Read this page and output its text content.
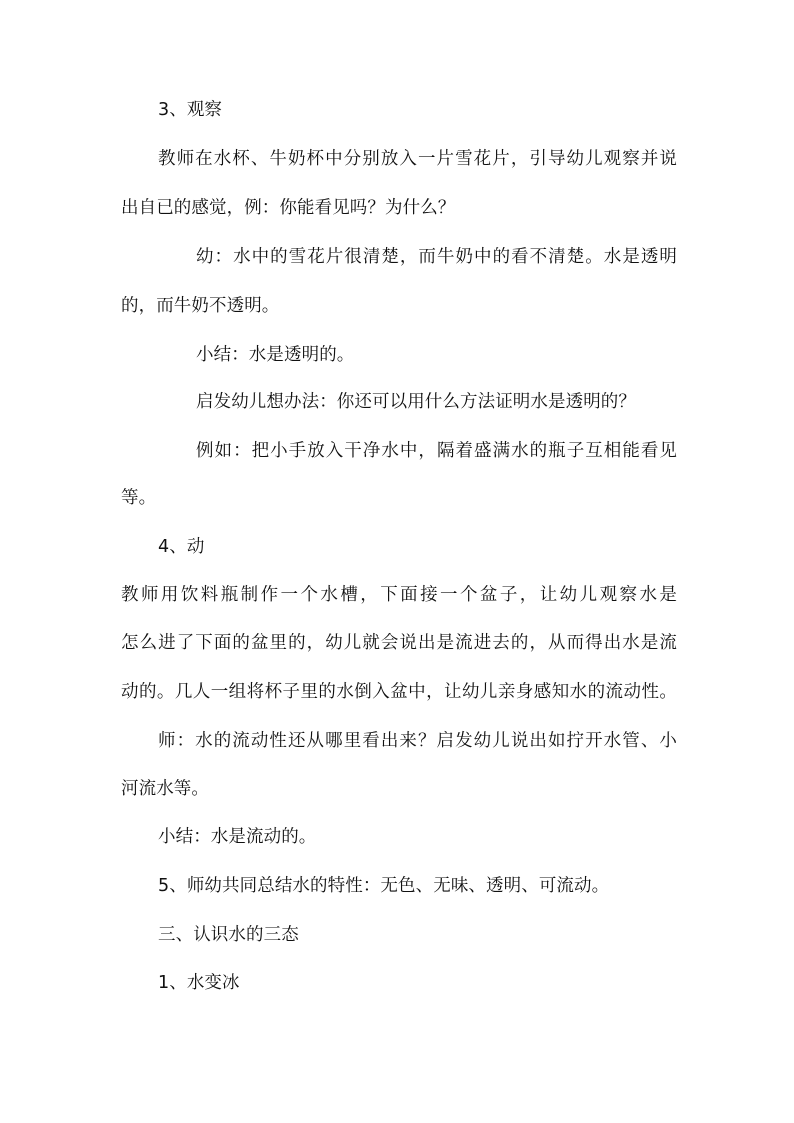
3、观察
教师在水杯、牛奶杯中分别放入一片雪花片，引导幼儿观察并说
出自已的感觉，例：你能看见吗？为什么？
幼：水中的雪花片很清楚，而牛奶中的看不清楚。水是透明
的，而牛奶不透明。
小结：水是透明的。
启发幼儿想办法：你还可以用什么方法证明水是透明的？
例如：把小手放入干净水中，隔着盛满水的瓶子互相能看见
等。
4、动
教师用饮料瓶制作一个水槽，下面接一个盆子，让幼儿观察水是
怎么进了下面的盆里的，幼儿就会说出是流进去的，从而得出水是流
动的。几人一组将杯子里的水倒入盆中，让幼儿亲身感知水的流动性。
师：水的流动性还从哪里看出来？启发幼儿说出如拧开水管、小
河流水等。
小结：水是流动的。
5、师幼共同总结水的特性：无色、无味、透明、可流动。
三、认识水的三态
1、水变冰
